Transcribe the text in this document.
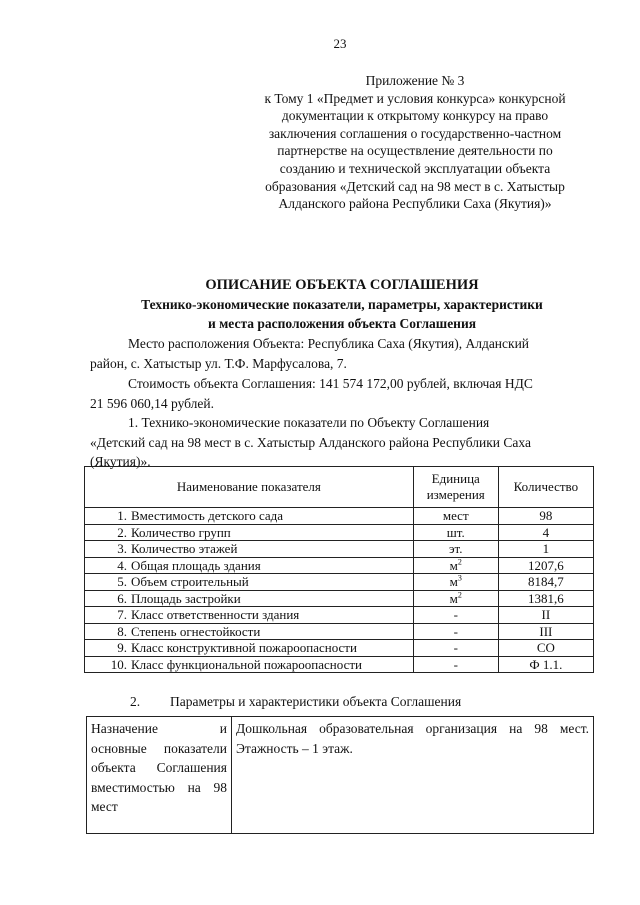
23
Приложение № 3
к Тому 1 «Предмет и условия конкурса» конкурсной
документации к открытому конкурсу на право
заключения соглашения о государственно-частном
партнерстве на осуществление деятельности по
созданию и технической эксплуатации объекта
образования «Детский сад на 98 мест в с. Хатыстыр
Алданского района Республики Саха (Якутия)»
ОПИСАНИЕ ОБЪЕКТА СОГЛАШЕНИЯ
Технико-экономические показатели, параметры, характеристики
и места расположения объекта Соглашения
Место расположения Объекта: Республика Саха (Якутия), Алданский
район, с. Хатыстыр ул. Т.Ф. Марфусалова, 7.
Стоимость объекта Соглашения: 141 574 172,00 рублей, включая НДС
21 596 060,14 рублей.
1. Технико-экономические показатели по Объекту Соглашения
«Детский сад на 98 мест в с. Хатыстыр Алданского района Республики Саха
(Якутия)».
Наименование показателя	Единица измерения	Количество
1. Вместимость детского сада	мест	98
2. Количество групп	шт.	4
3. Количество этажей	эт.	1
4. Общая площадь здания	$м^2$	1207,6
5. Объем строительный	$м^3$	8184,7
6. Площадь застройки	$м^2$	1381,6
7. Класс ответственности здания	-	II
8. Степень огнестойкости	-	III
9. Класс конструктивной пожароопасности	-	СО
10. Класс функциональной пожароопасности	-	Ф 1.1.
2. Параметры и характеристики объекта Соглашения
Назначение и основные показатели объекта Соглашения вместимостью на 98 мест	Дошкольная образовательная организация на 98 мест. Этажность – 1 этаж.
